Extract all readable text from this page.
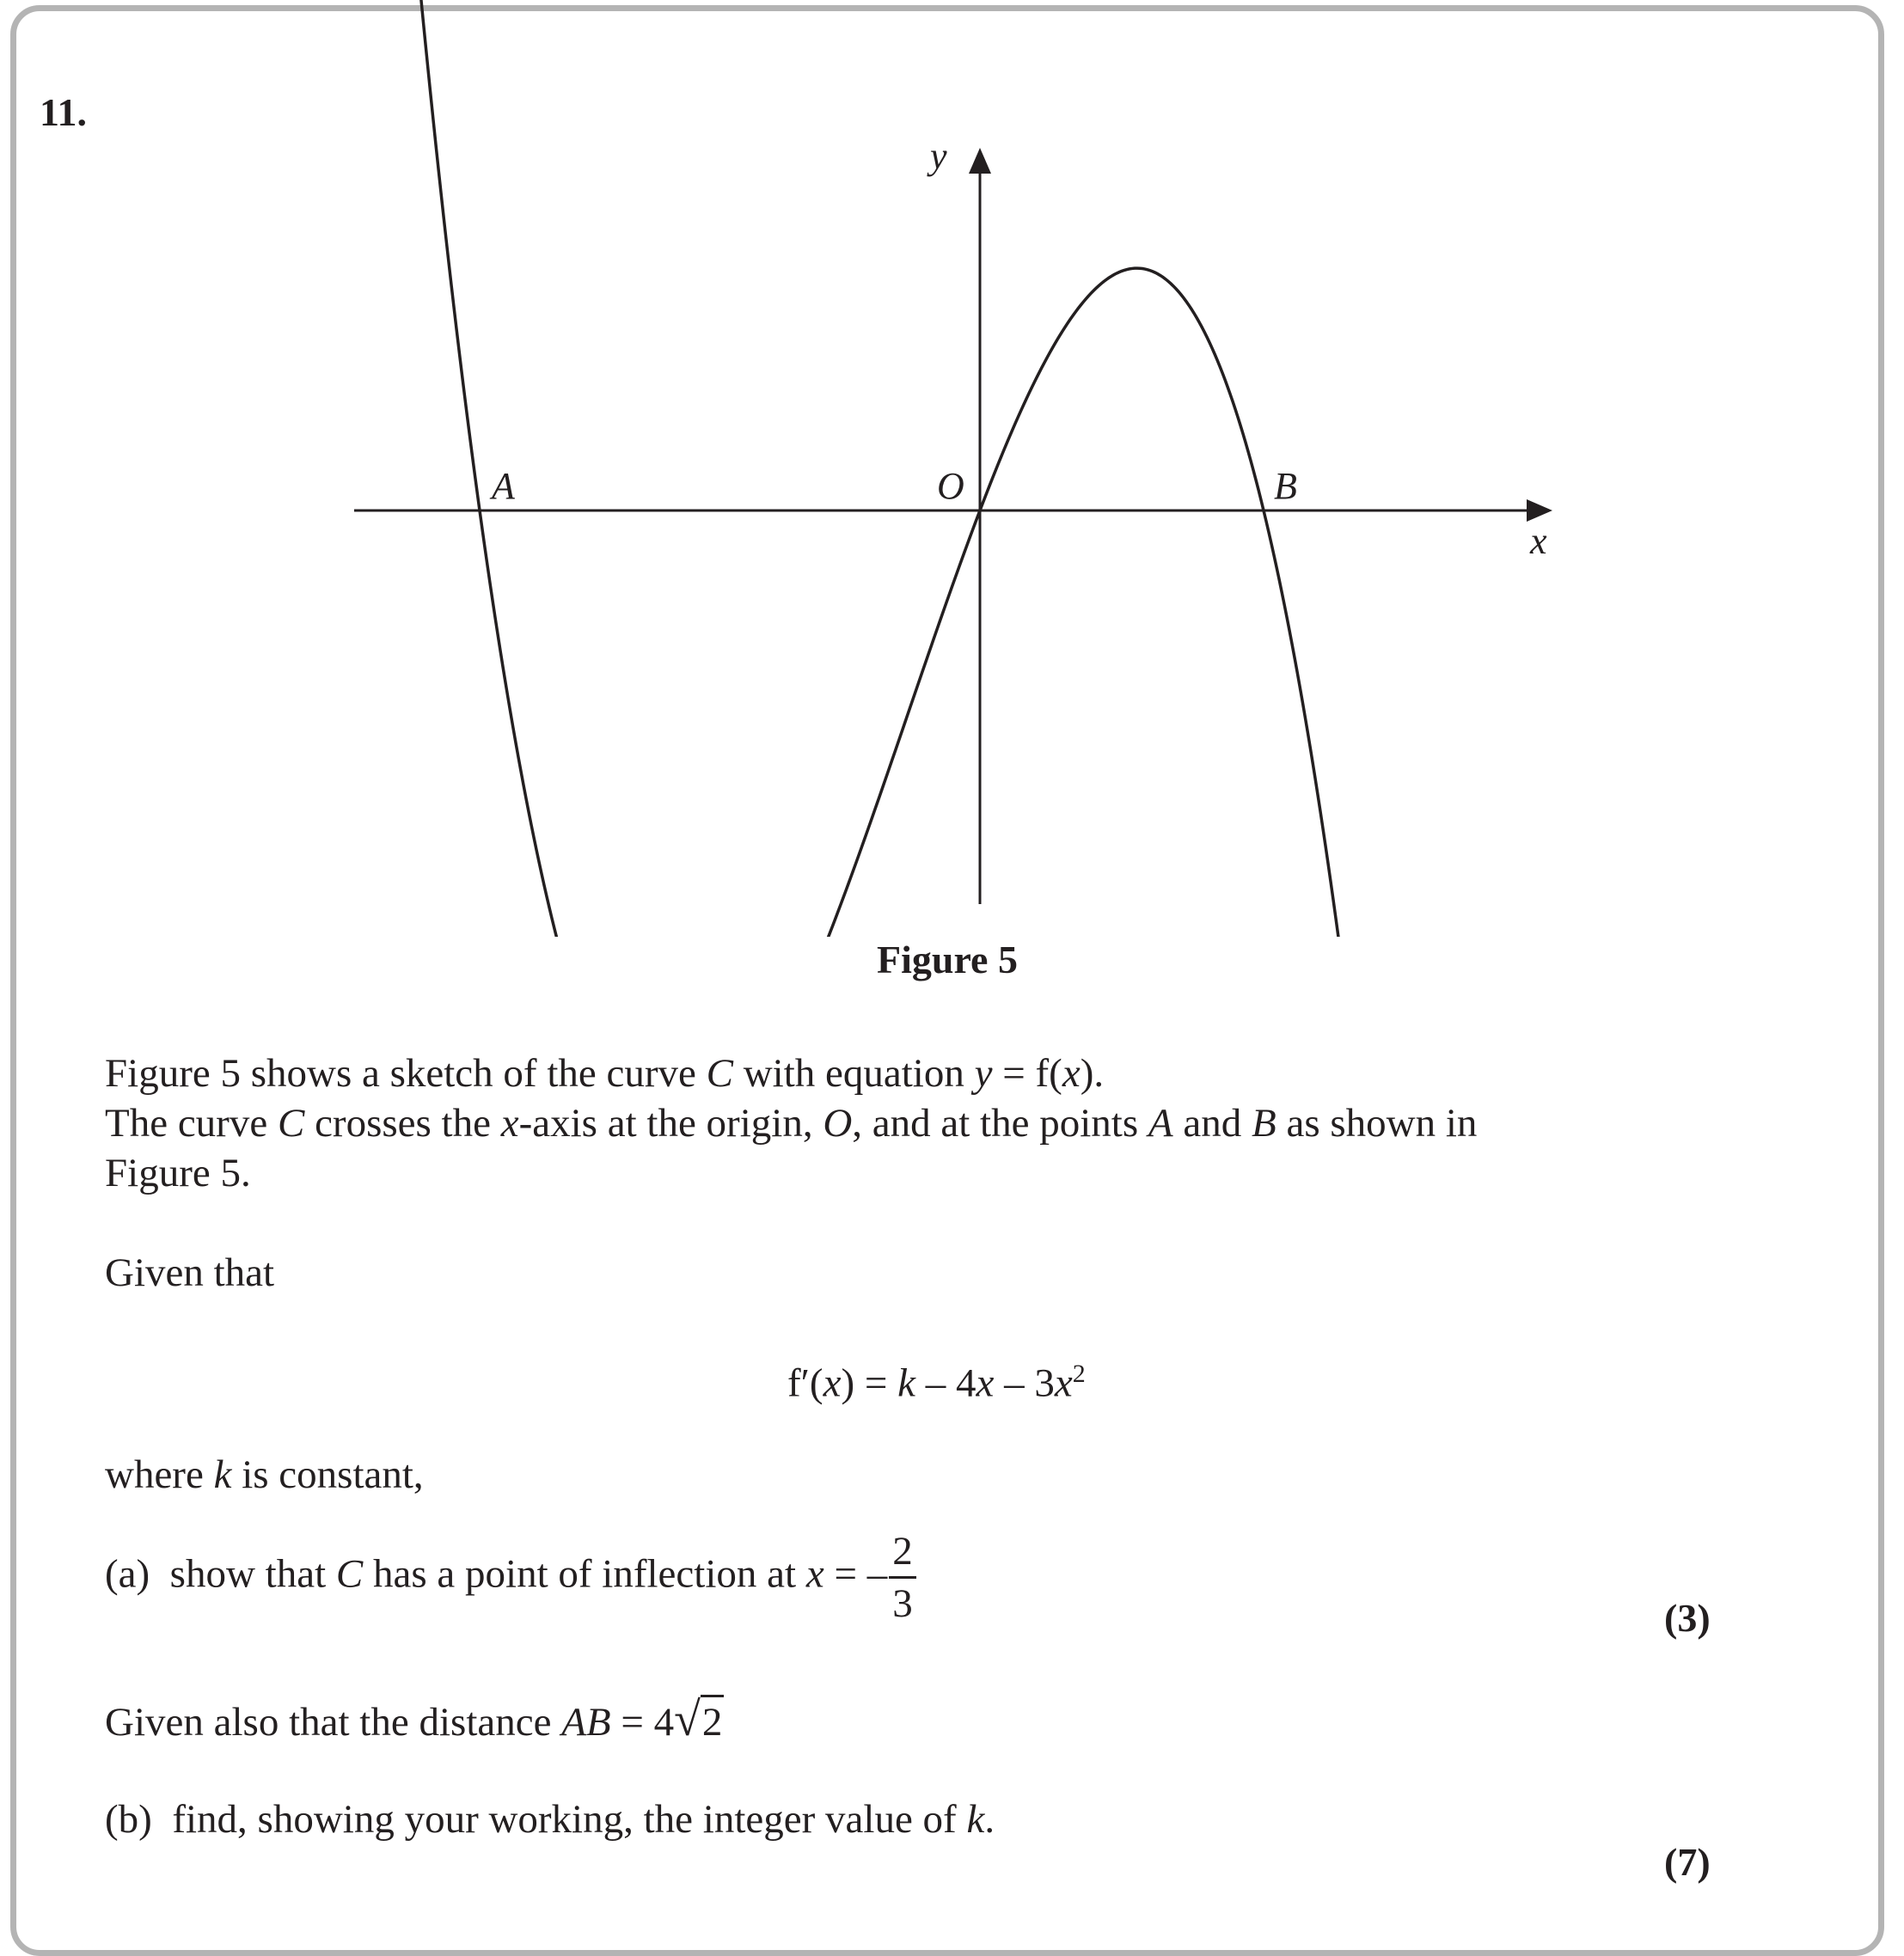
11.
y
x
O
A	B
Figure 5
Figure 5 shows a sketch of the curve C with equation y = f(x).
The curve C crosses the x-axis at the origin, O, and at the points A and B as shown in
Figure 5.
Given that
$f'(x) = k - 4x - 3x^2$
where k is constant,
(a) show that C has a point of inflection at x = – $\frac{2}{3}$	(3)
Given also that the distance AB = 4√2
(b) find, showing your working, the integer value of k.
(7)
